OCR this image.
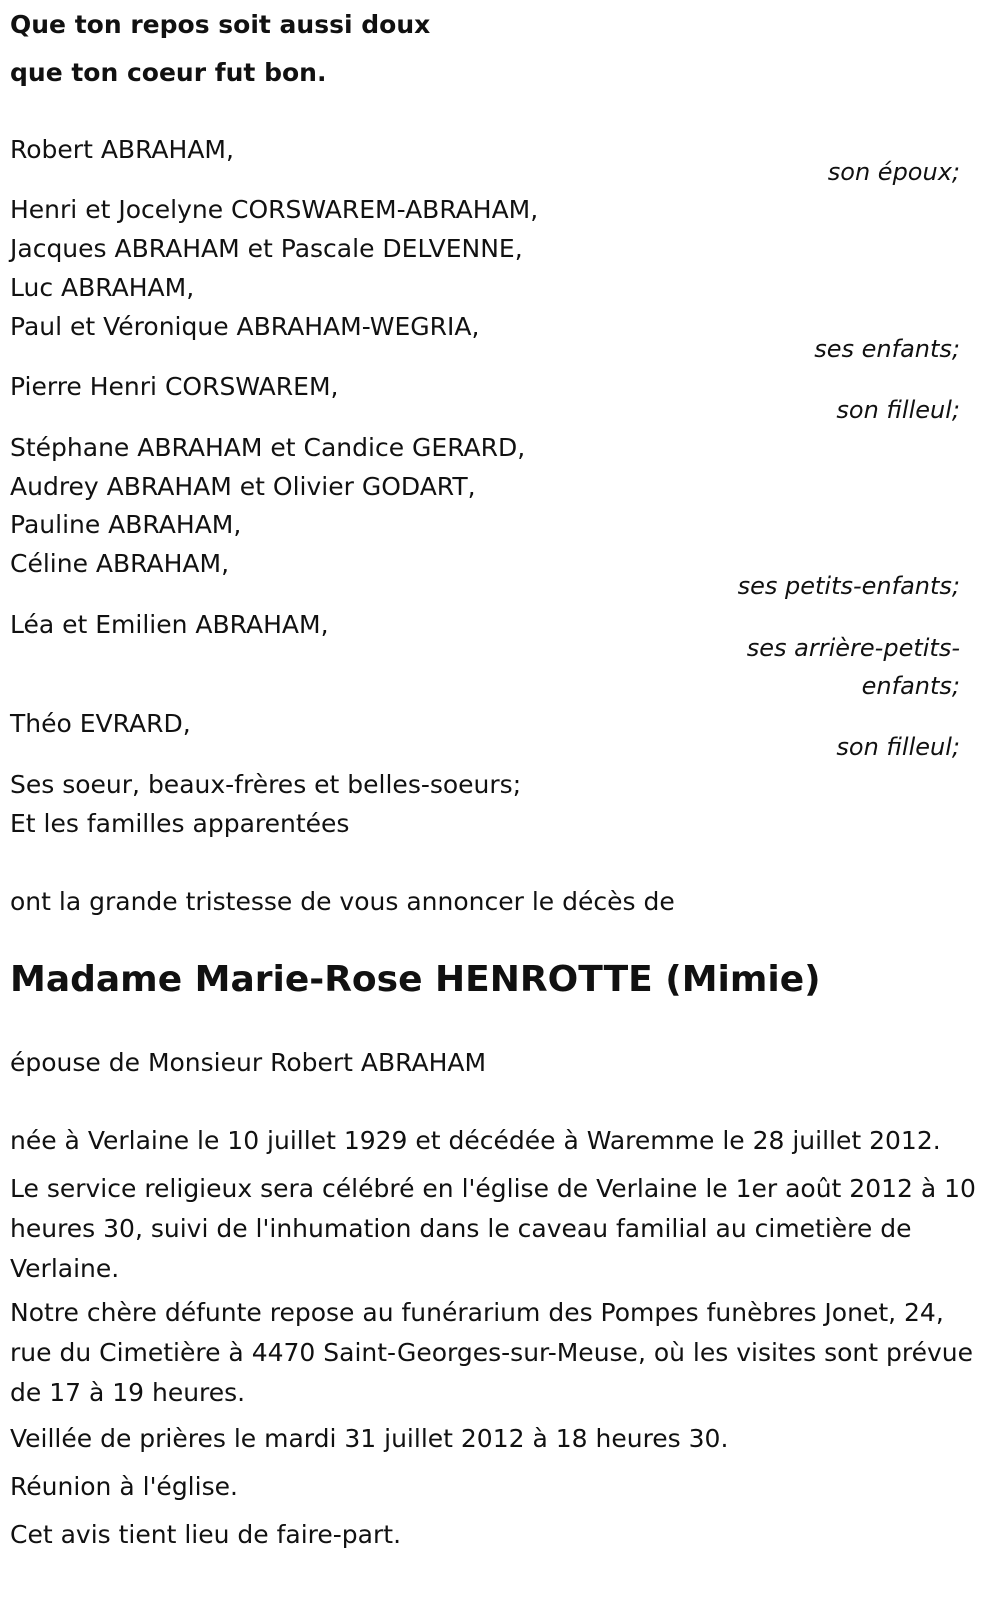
Que ton repos soit aussi doux
que ton coeur fut bon.
Robert ABRAHAM,
son époux;
Henri et Jocelyne CORSWAREM-ABRAHAM,
Jacques ABRAHAM et Pascale DELVENNE,
Luc ABRAHAM,
Paul et Véronique ABRAHAM-WEGRIA,
ses enfants;
Pierre Henri CORSWAREM,
son filleul;
Stéphane ABRAHAM et Candice GERARD,
Audrey ABRAHAM et Olivier GODART,
Pauline ABRAHAM,
Céline ABRAHAM,
ses petits-enfants;
Léa et Emilien ABRAHAM,
ses arrière-petits-
enfants;
Théo EVRARD,
son filleul;
Ses soeur, beaux-frères et belles-soeurs;
Et les familles apparentées
ont la grande tristesse de vous annoncer le décès de
Madame Marie-Rose HENROTTE (Mimie)
épouse de Monsieur Robert ABRAHAM
née à Verlaine le 10 juillet 1929 et décédée à Waremme le 28 juillet 2012.
Le service religieux sera célébré en l'église de Verlaine le 1er août 2012 à 10 heures 30, suivi de l'inhumation dans le caveau familial au cimetière de Verlaine.
Notre chère défunte repose au funérarium des Pompes funèbres Jonet, 24, rue du Cimetière à 4470 Saint-Georges-sur-Meuse, où les visites sont prévue de 17 à 19 heures.
Veillée de prières le mardi 31 juillet 2012 à 18 heures 30.
Réunion à l'église.
Cet avis tient lieu de faire-part.
